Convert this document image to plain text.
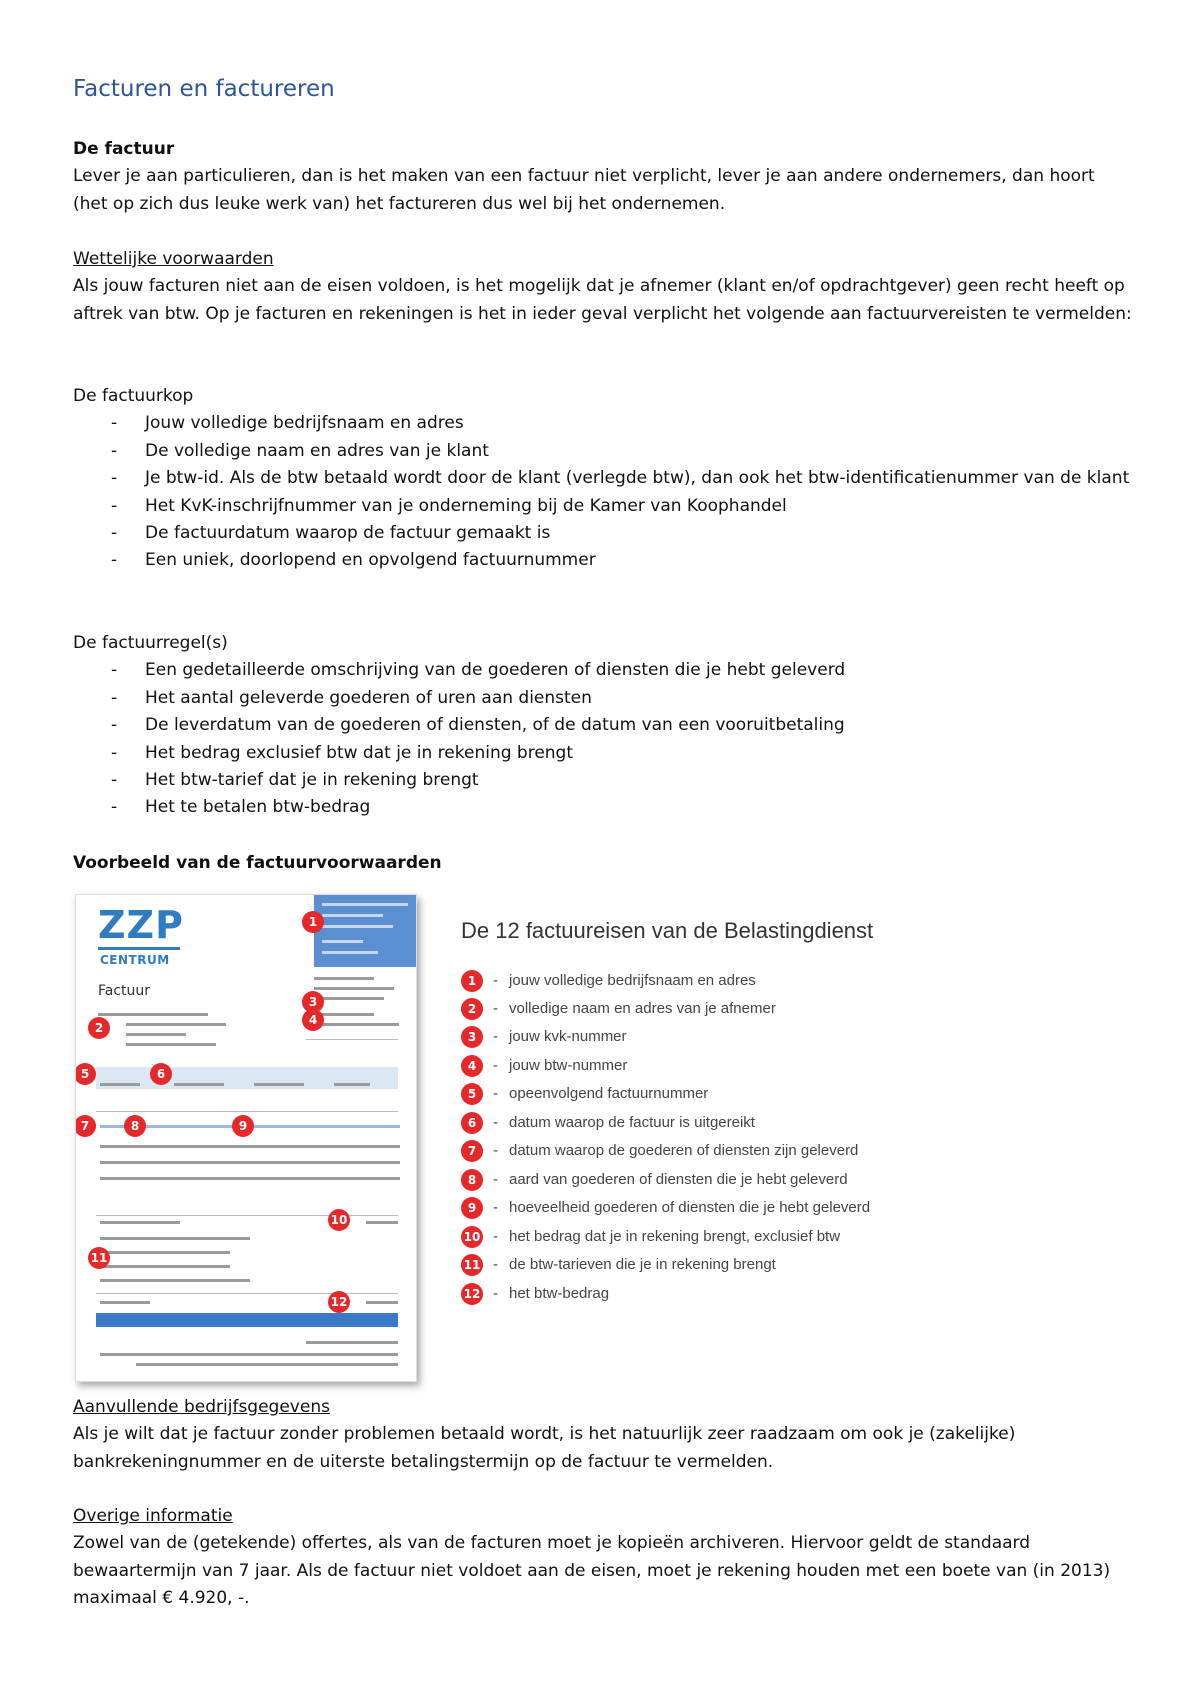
Facturen en factureren
De factuur
Lever je aan particulieren, dan is het maken van een factuur niet verplicht, lever je aan andere ondernemers, dan hoort (het op zich dus leuke werk van) het factureren dus wel bij het ondernemen.
Wettelijke voorwaarden
Als jouw facturen niet aan de eisen voldoen, is het mogelijk dat je afnemer (klant en/of opdrachtgever) geen recht heeft op aftrek van btw. Op je facturen en rekeningen is het in ieder geval verplicht het volgende aan factuurvereisten te vermelden:
De factuurkop
- Jouw volledige bedrijfsnaam en adres
- De volledige naam en adres van je klant
- Je btw-id. Als de btw betaald wordt door de klant (verlegde btw), dan ook het btw-identificatienummer van de klant
- Het KvK-inschrijfnummer van je onderneming bij de Kamer van Koophandel
- De factuurdatum waarop de factuur gemaakt is
- Een uniek, doorlopend en opvolgend factuurnummer
De factuurregel(s)
- Een gedetailleerde omschrijving van de goederen of diensten die je hebt geleverd
- Het aantal geleverde goederen of uren aan diensten
- De leverdatum van de goederen of diensten, of de datum van een vooruitbetaling
- Het bedrag exclusief btw dat je in rekening brengt
- Het btw-tarief dat je in rekening brengt
- Het te betalen btw-bedrag
Voorbeeld van de factuurvoorwaarden
ZZP
CENTRUM
Factuur
1
2
3
4
5	6
7	8	9
10
11
12
De 12 factuureisen van de Belastingdienst
1	- jouw volledige bedrijfsnaam en adres
2	- volledige naam en adres van je afnemer
3	- jouw kvk-nummer
4	- jouw btw-nummer
5	- opeenvolgend factuurnummer
6	- datum waarop de factuur is uitgereikt
7	- datum waarop de goederen of diensten zijn geleverd
8	- aard van goederen of diensten die je hebt geleverd
9	- hoeveelheid goederen of diensten die je hebt geleverd
10 - het bedrag dat je in rekening brengt, exclusief btw
11 - de btw-tarieven die je in rekening brengt
12 - het btw-bedrag
Aanvullende bedrijfsgegevens
Als je wilt dat je factuur zonder problemen betaald wordt, is het natuurlijk zeer raadzaam om ook je (zakelijke) bankrekeningnummer en de uiterste betalingstermijn op de factuur te vermelden.
Overige informatie
Zowel van de (getekende) offertes, als van de facturen moet je kopieën archiveren. Hiervoor geldt de standaard bewaartermijn van 7 jaar. Als de factuur niet voldoet aan de eisen, moet je rekening houden met een boete van (in 2013) maximaal € 4.920, -.
